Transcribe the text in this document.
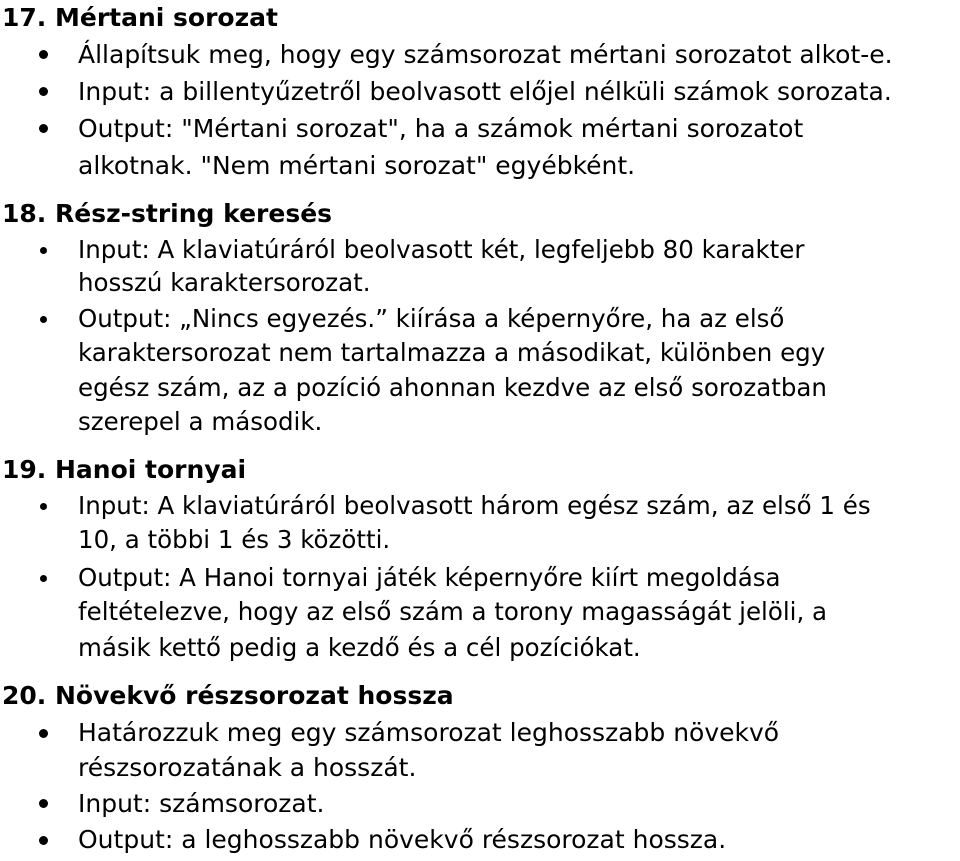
17. Mértani sorozat
Állapítsuk meg, hogy egy számsorozat mértani sorozatot alkot-e.
Input: a billentyűzetről beolvasott előjel nélküli számok sorozata.
Output: "Mértani sorozat", ha a számok mértani sorozatot
alkotnak. "Nem mértani sorozat" egyébként.
18. Rész-string keresés
Input: A klaviatúráról beolvasott két, legfeljebb 80 karakter
hosszú karaktersorozat.
Output: „Nincs egyezés.” kiírása a képernyőre, ha az első
karaktersorozat nem tartalmazza a másodikat, különben egy
egész szám, az a pozíció ahonnan kezdve az első sorozatban
szerepel a második.
19. Hanoi tornyai
Input: A klaviatúráról beolvasott három egész szám, az első 1 és
10, a többi 1 és 3 közötti.
Output: A Hanoi tornyai játék képernyőre kiírt megoldása
feltételezve, hogy az első szám a torony magasságát jelöli, a
másik kettő pedig a kezdő és a cél pozíciókat.
20. Növekvő részsorozat hossza
Határozzuk meg egy számsorozat leghosszabb növekvő
részsorozatának a hosszát.
Input: számsorozat.
Output: a leghosszabb növekvő részsorozat hossza.
